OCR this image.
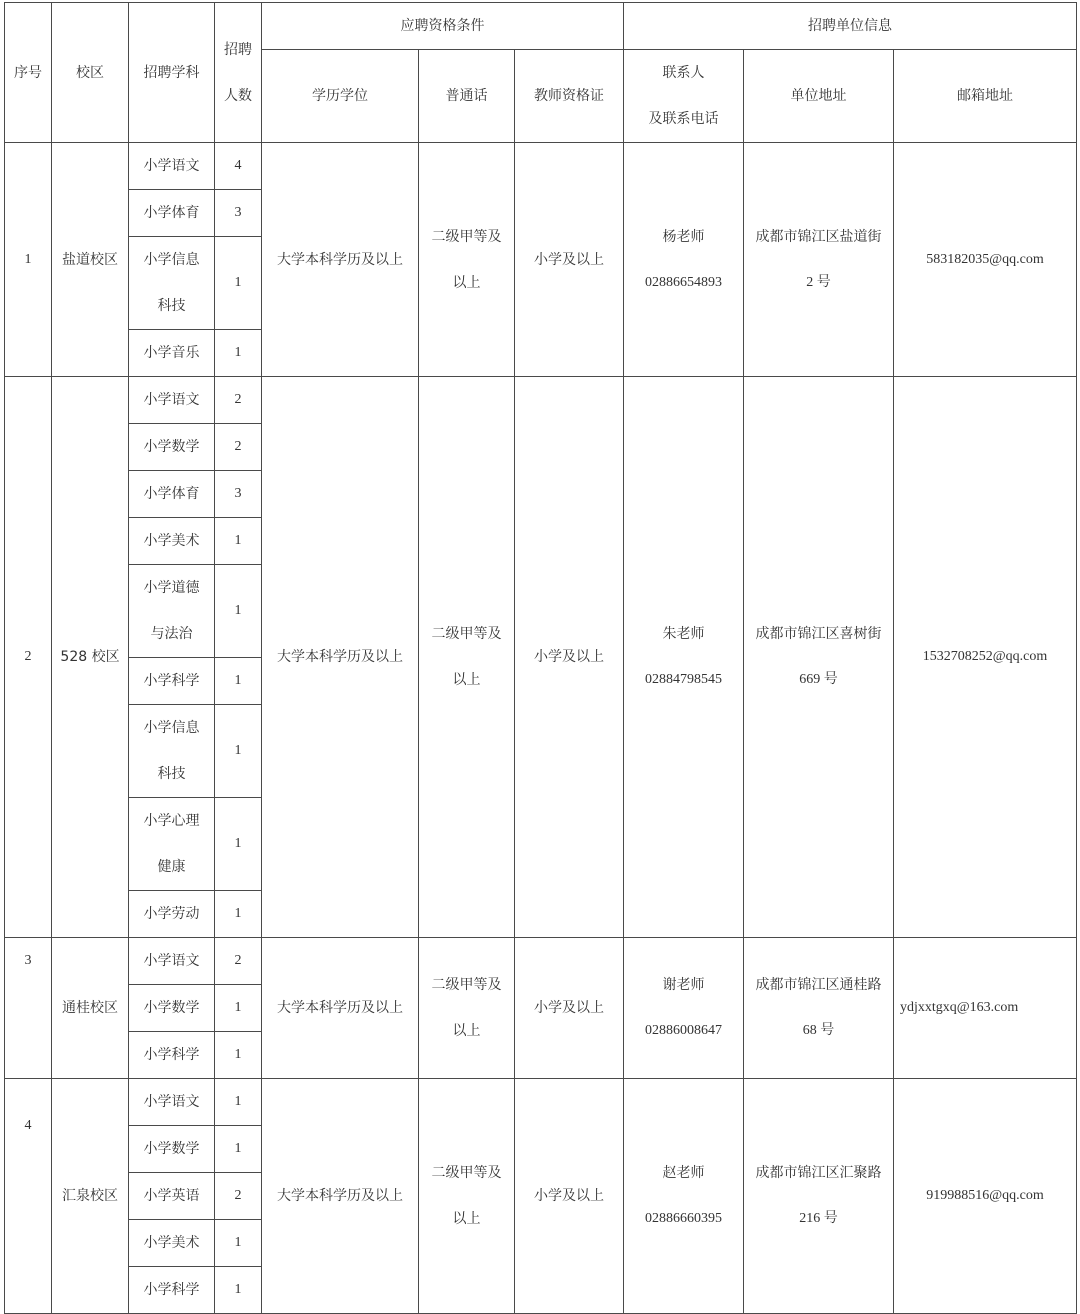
序号	校区	招聘学科	招聘
人数	应聘资格条件			招聘单位信息		
				学历学位	普通话	教师资格证	联系人
及联系电话	单位地址	邮箱地址
1	盐道校区	小学语文	4	大学本科学历及以上	二级甲等及
以上	小学及以上	杨老师
02886654893	成都市锦江区盐道街
2 号	583182035@qq.com
		小学体育	3						

		小学信息
科技	1						
		小学音乐	1						

2	528 校区	小学语文	2	大学本科学历及以上	二级甲等及
以上	小学及以上	朱老师
02884798545	成都市锦江区喜树街
669 号	1532708252@qq.com
		小学数学	2						
		小学体育	3						
		小学美术	1						

		小学道德
与法治	1						
		小学科学	1						

		小学信息
科技	1						

		小学心理
健康	1						
		小学劳动	1						
3	通桂校区	小学语文	2	大学本科学历及以上	二级甲等及
以上	小学及以上	谢老师
02886008647	成都市锦江区通桂路
68 号	ydjxxtgxq@163.com
		小学数学	1						
		小学科学	1						
4	汇泉校区	小学语文	1	大学本科学历及以上	二级甲等及
以上	小学及以上	赵老师
02886660395	成都市锦江区汇聚路
216 号	919988516@qq.com
		小学数学	1						
		小学英语	2						
		小学美术	1						
		小学科学	1						
